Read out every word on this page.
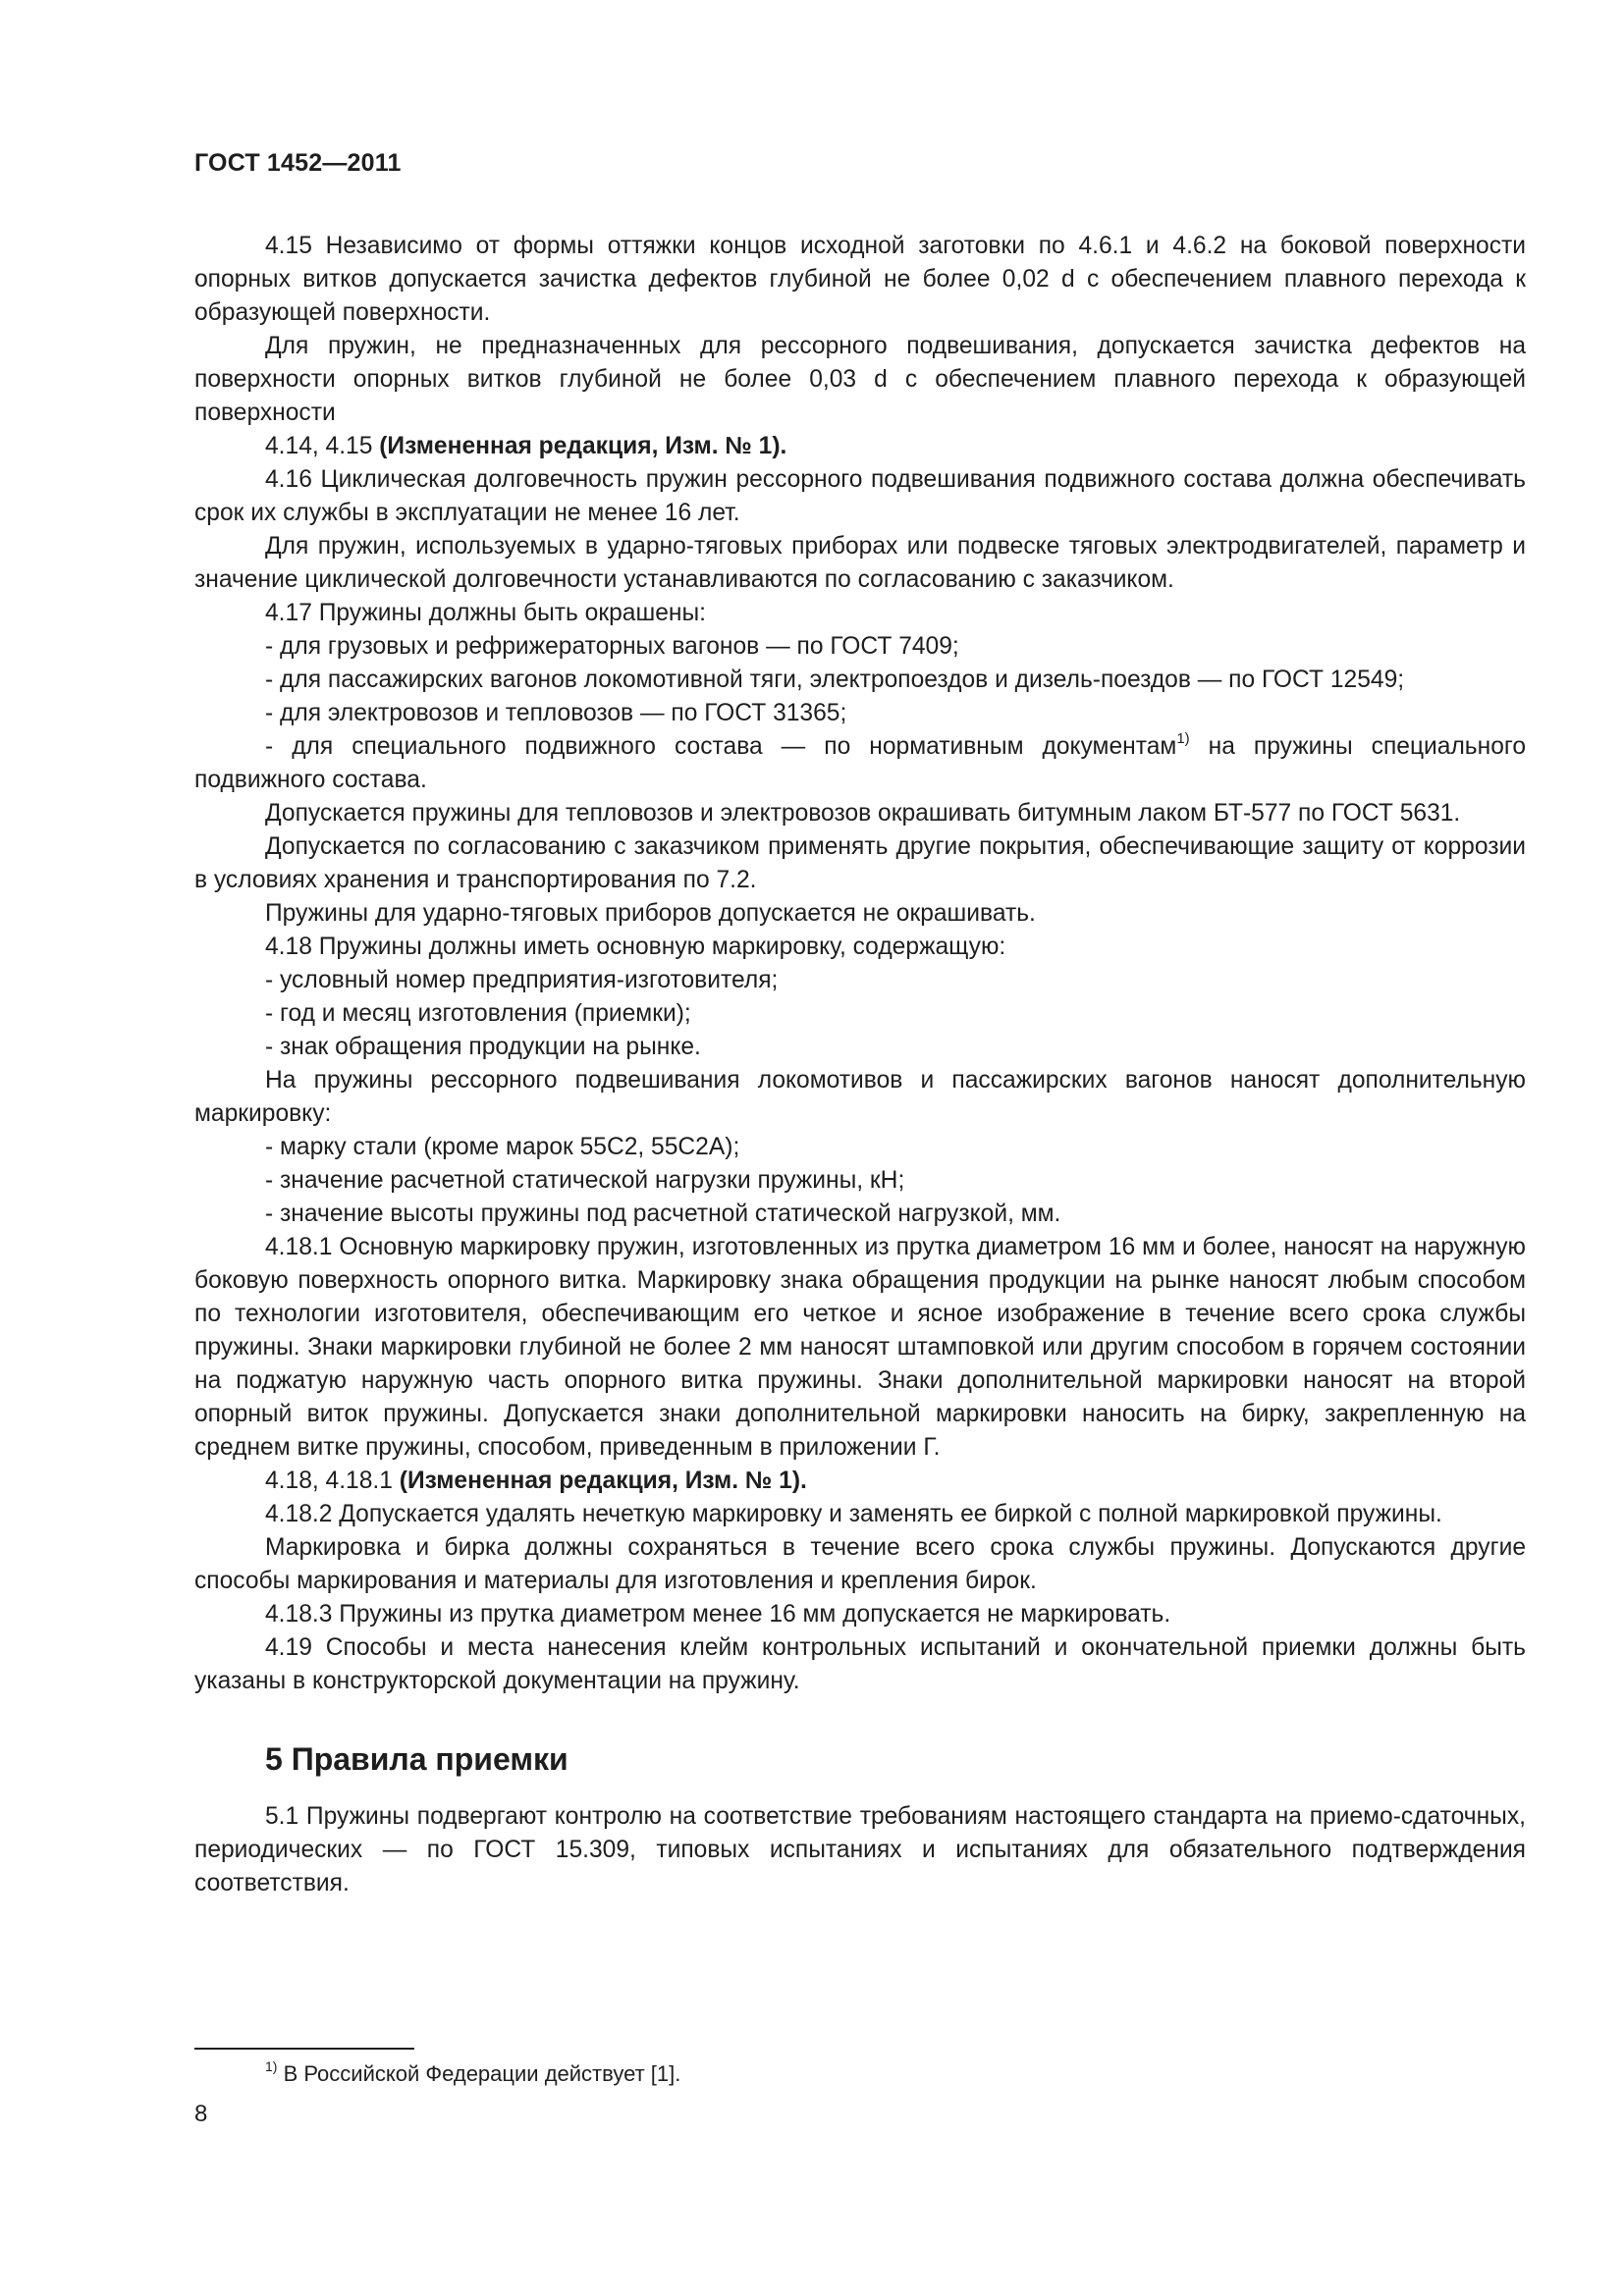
ГОСТ 1452—2011

4.15 Независимо от формы оттяжки концов исходной заготовки по 4.6.1 и 4.6.2 на боковой поверхности опорных витков допускается зачистка дефектов глубиной не более 0,02 d с обеспечением плавного перехода к образующей поверхности.

Для пружин, не предназначенных для рессорного подвешивания, допускается зачистка дефектов на поверхности опорных витков глубиной не более 0,03 d с обеспечением плавного перехода к образующей поверхности

4.14, 4.15 (Измененная редакция, Изм. № 1).

4.16 Циклическая долговечность пружин рессорного подвешивания подвижного состава должна обеспечивать срок их службы в эксплуатации не менее 16 лет.

Для пружин, используемых в ударно-тяговых приборах или подвеске тяговых электродвигателей, параметр и значение циклической долговечности устанавливаются по согласованию с заказчиком.

4.17 Пружины должны быть окрашены:

- для грузовых и рефрижераторных вагонов — по ГОСТ 7409;

- для пассажирских вагонов локомотивной тяги, электропоездов и дизель-поездов — по ГОСТ 12549;

- для электровозов и тепловозов — по ГОСТ 31365;

- для специального подвижного состава — по нормативным документам$^{1)}$ на пружины специального подвижного состава.

Допускается пружины для тепловозов и электровозов окрашивать битумным лаком БТ-577 по ГОСТ 5631.

Допускается по согласованию с заказчиком применять другие покрытия, обеспечивающие защиту от коррозии в условиях хранения и транспортирования по 7.2.

Пружины для ударно-тяговых приборов допускается не окрашивать.

4.18 Пружины должны иметь основную маркировку, содержащую:

- условный номер предприятия-изготовителя;

- год и месяц изготовления (приемки);

- знак обращения продукции на рынке.

На пружины рессорного подвешивания локомотивов и пассажирских вагонов наносят дополнительную маркировку:

- марку стали (кроме марок 55С2, 55С2А);

- значение расчетной статической нагрузки пружины, кН;

- значение высоты пружины под расчетной статической нагрузкой, мм.

4.18.1 Основную маркировку пружин, изготовленных из прутка диаметром 16 мм и более, наносят на наружную боковую поверхность опорного витка. Маркировку знака обращения продукции на рынке наносят любым способом по технологии изготовителя, обеспечивающим его четкое и ясное изображение в течение всего срока службы пружины. Знаки маркировки глубиной не более 2 мм наносят штамповкой или другим способом в горячем состоянии на поджатую наружную часть опорного витка пружины. Знаки дополнительной маркировки наносят на второй опорный виток пружины. Допускается знаки дополнительной маркировки наносить на бирку, закрепленную на среднем витке пружины, способом, приведенным в приложении Г.

4.18, 4.18.1 (Измененная редакция, Изм. № 1).

4.18.2 Допускается удалять нечеткую маркировку и заменять ее биркой с полной маркировкой пружины.

Маркировка и бирка должны сохраняться в течение всего срока службы пружины. Допускаются другие способы маркирования и материалы для изготовления и крепления бирок.

4.18.3 Пружины из прутка диаметром менее 16 мм допускается не маркировать.

4.19 Способы и места нанесения клейм контрольных испытаний и окончательной приемки должны быть указаны в конструкторской документации на пружину.

5 Правила приемки

5.1 Пружины подвергают контролю на соответствие требованиям настоящего стандарта на приемо-сдаточных, периодических — по ГОСТ 15.309, типовых испытаниях и испытаниях для обязательного подтверждения соответствия.

$^{1)}$ В Российской Федерации действует [1].
8
